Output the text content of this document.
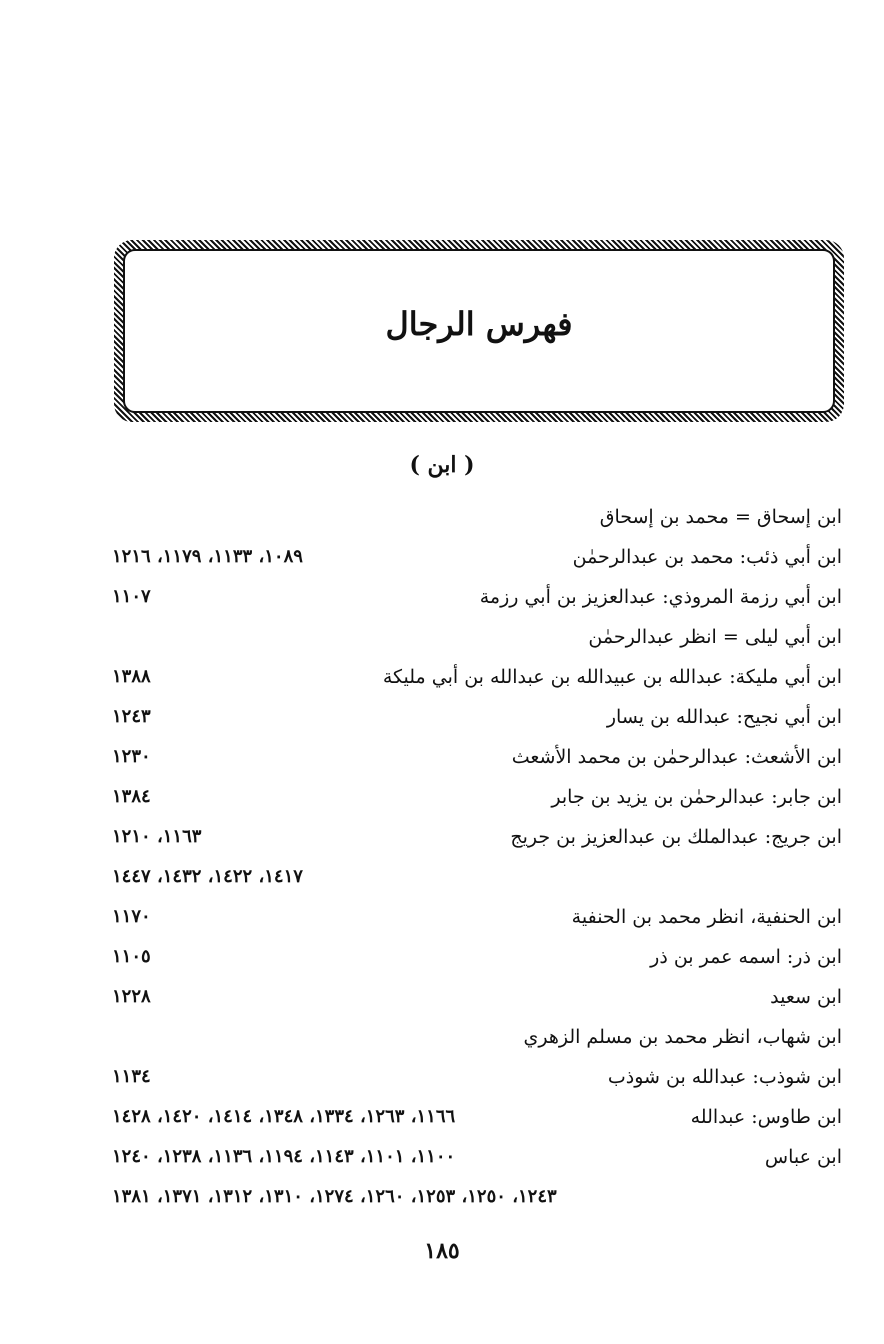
فهرس الرجال
( ابن )
ابن إسحاق = محمد بن إسحاق
ابن أبي ذئب: محمد بن عبدالرحمٰن
١٠٨٩، ١١٣٣، ١١٧٩، ١٢١٦
ابن أبي رزمة المروذي: عبدالعزيز بن أبي رزمة
١١٠٧
ابن أبي ليلى = انظر عبدالرحمٰن
ابن أبي مليكة: عبدالله بن عبيدالله بن عبدالله بن أبي مليكة
١٣٨٨
ابن أبي نجيح: عبدالله بن يسار
١٢٤٣
ابن الأشعث: عبدالرحمٰن بن محمد الأشعث
١٢٣٠
ابن جابر: عبدالرحمٰن بن يزيد بن جابر
١٣٨٤
ابن جريج: عبدالملك بن عبدالعزيز بن جريج
١١٦٣، ١٢١٠
١٤١٧، ١٤٢٢، ١٤٣٢، ١٤٤٧
ابن الحنفية، انظر محمد بن الحنفية
١١٧٠
ابن ذر: اسمه عمر بن ذر
١١٠٥
ابن سعيد
١٢٢٨
ابن شهاب، انظر محمد بن مسلم الزهري
ابن شوذب: عبدالله بن شوذب
١١٣٤
ابن طاوس: عبدالله
١١٦٦، ١٢٦٣، ١٣٣٤، ١٣٤٨، ١٤١٤، ١٤٢٠، ١٤٢٨
ابن عباس
١١٠٠، ١١٠١، ١١٤٣، ١١٩٤، ١١٣٦، ١٢٣٨، ١٢٤٠
١٢٤٣، ١٢٥٠، ١٢٥٣، ١٢٦٠، ١٢٧٤، ١٣١٠، ١٣١٢، ١٣٧١، ١٣٨١
١٨٥
